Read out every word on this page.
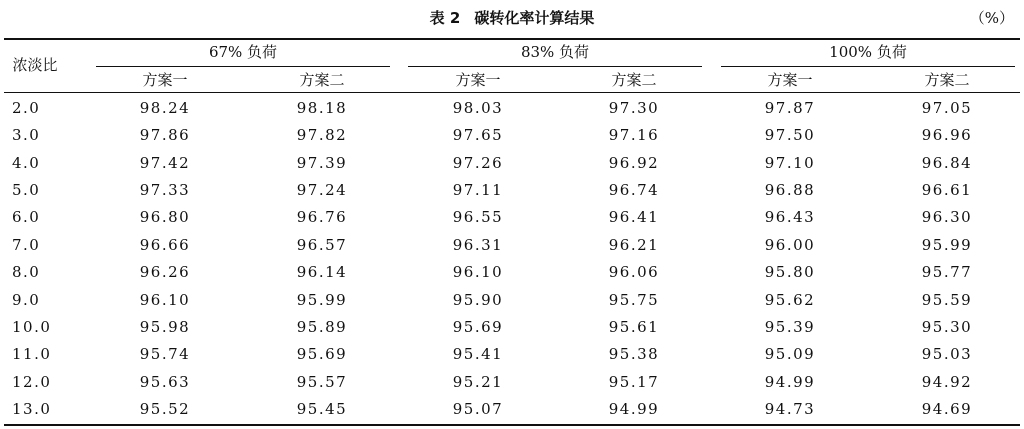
表 2 碳转化率计算结果	（%）
浓淡比
67% 负荷	83% 负荷	100% 负荷
方案一	方案二	方案一	方案二	方案一	方案二
2.0	98.24	98.18	98.03	97.30	97.87	97.05
3.0	97.86	97.82	97.65	97.16	97.50	96.96
4.0	97.42	97.39	97.26	96.92	97.10	96.84
5.0	97.33	97.24	97.11	96.74	96.88	96.61
6.0	96.80	96.76	96.55	96.41	96.43	96.30
7.0	96.66	96.57	96.31	96.21	96.00	95.99
8.0	96.26	96.14	96.10	96.06	95.80	95.77
9.0	96.10	95.99	95.90	95.75	95.62	95.59
10.0	95.98	95.89	95.69	95.61	95.39	95.30
11.0	95.74	95.69	95.41	95.38	95.09	95.03
12.0	95.63	95.57	95.21	95.17	94.99	94.92
13.0	95.52	95.45	95.07	94.99	94.73	94.69
